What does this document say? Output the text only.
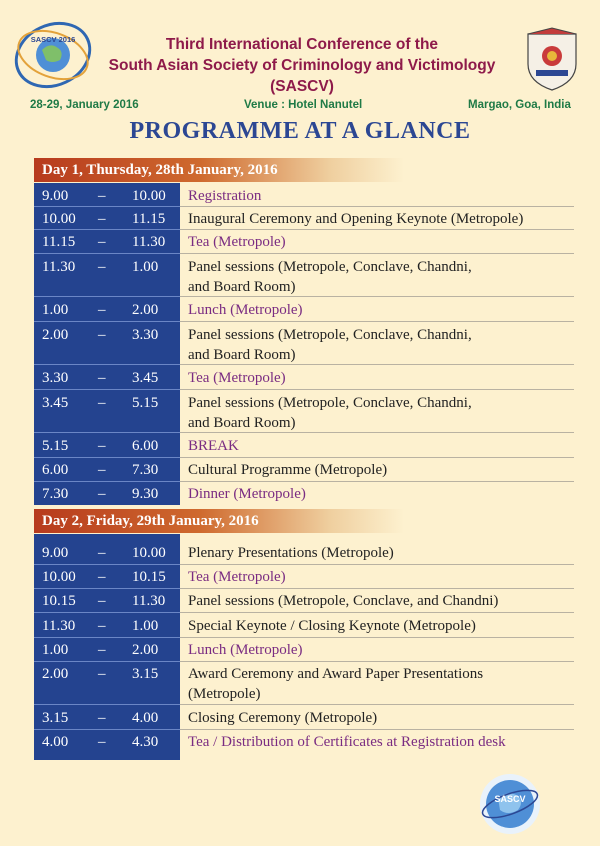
SASCV 2016	Third International Conference of the
South Asian Society of Criminology and Victimology
(SASCV)
28-29, January 2016	Venue : Hotel Nanutel	Margao, Goa, India
PROGRAMME AT A GLANCE
Day 1, Thursday, 28th January, 2016
9.00 – 10.00 Registration
10.00 – 11.15 Inaugural Ceremony and Opening Keynote (Metropole)
11.15 – 11.30 Tea (Metropole)
11.30 – 1.00 Panel sessions (Metropole, Conclave, Chandni,
and Board Room)
1.00 – 2.00 Lunch (Metropole)
2.00 – 3.30 Panel sessions (Metropole, Conclave, Chandni,
and Board Room)
3.30 – 3.45 Tea (Metropole)
3.45 – 5.15 Panel sessions (Metropole, Conclave, Chandni,
and Board Room)
5.15 – 6.00 BREAK
6.00 – 7.30 Cultural Programme (Metropole)
7.30 – 9.30 Dinner (Metropole)
Day 2, Friday, 29th January, 2016
9.00 – 10.00 Plenary Presentations (Metropole)
10.00 – 10.15 Tea (Metropole)
10.15 – 11.30 Panel sessions (Metropole, Conclave, and Chandni)
11.30 – 1.00 Special Keynote / Closing Keynote (Metropole)
1.00 – 2.00 Lunch (Metropole)
2.00 – 3.15 Award Ceremony and Award Paper Presentations
(Metropole)
3.15 – 4.00 Closing Ceremony (Metropole)
4.00 – 4.30 Tea / Distribution of Certificates at Registration desk
SASCV
